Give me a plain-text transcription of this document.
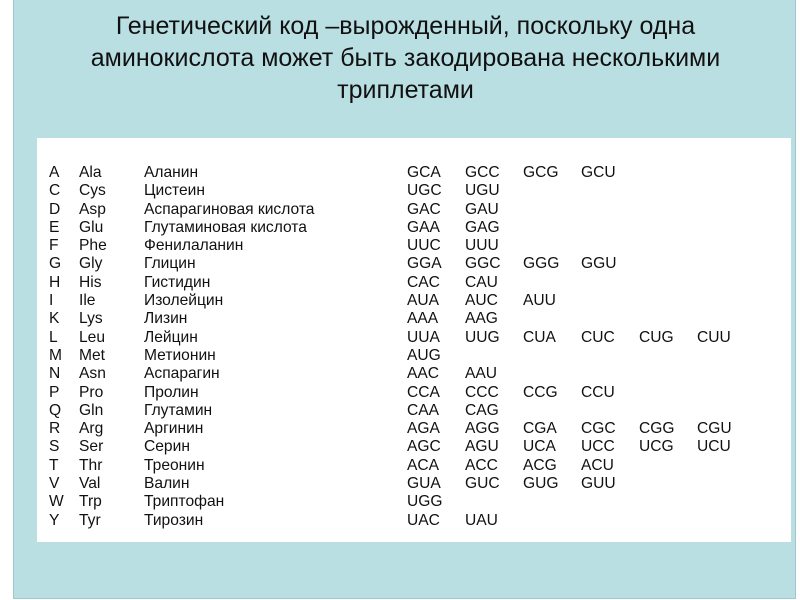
Генетический код –вырожденный, поскольку одна
аминокислота может быть закодирована несколькими
триплетами
A	Ala	Аланин	GCA	GCC	GCG	GCU		
C	Cys	Цистеин	UGC	UGU				
D	Asp	Аспарагиновая кислота	GAC	GAU				
E	Glu	Глутаминовая кислота	GAA	GAG				
F	Phe	Фенилаланин	UUC	UUU				
G	Gly	Глицин	GGA	GGC	GGG	GGU		
H	His	Гистидин	CAC	CAU				
I	Ile	Изолейцин	AUA	AUC	AUU			
K	Lys	Лизин	AAA	AAG				
L	Leu	Лейцин	UUA	UUG	CUA	CUC	CUG	CUU
M	Met	Метионин	AUG					
N	Asn	Аспарагин	AAC	AAU				
P	Pro	Пролин	CCA	CCC	CCG	CCU		
Q	Gln	Глутамин	CAA	CAG				
R	Arg	Аргинин	AGA	AGG	CGA	CGC	CGG	CGU
S	Ser	Серин	AGC	AGU	UCA	UCC	UCG	UCU
T	Thr	Треонин	ACA	ACC	ACG	ACU		
V	Val	Валин	GUA	GUC	GUG	GUU		
W	Trp	Триптофан	UGG					
Y	Tyr	Тирозин	UAC	UAU				
